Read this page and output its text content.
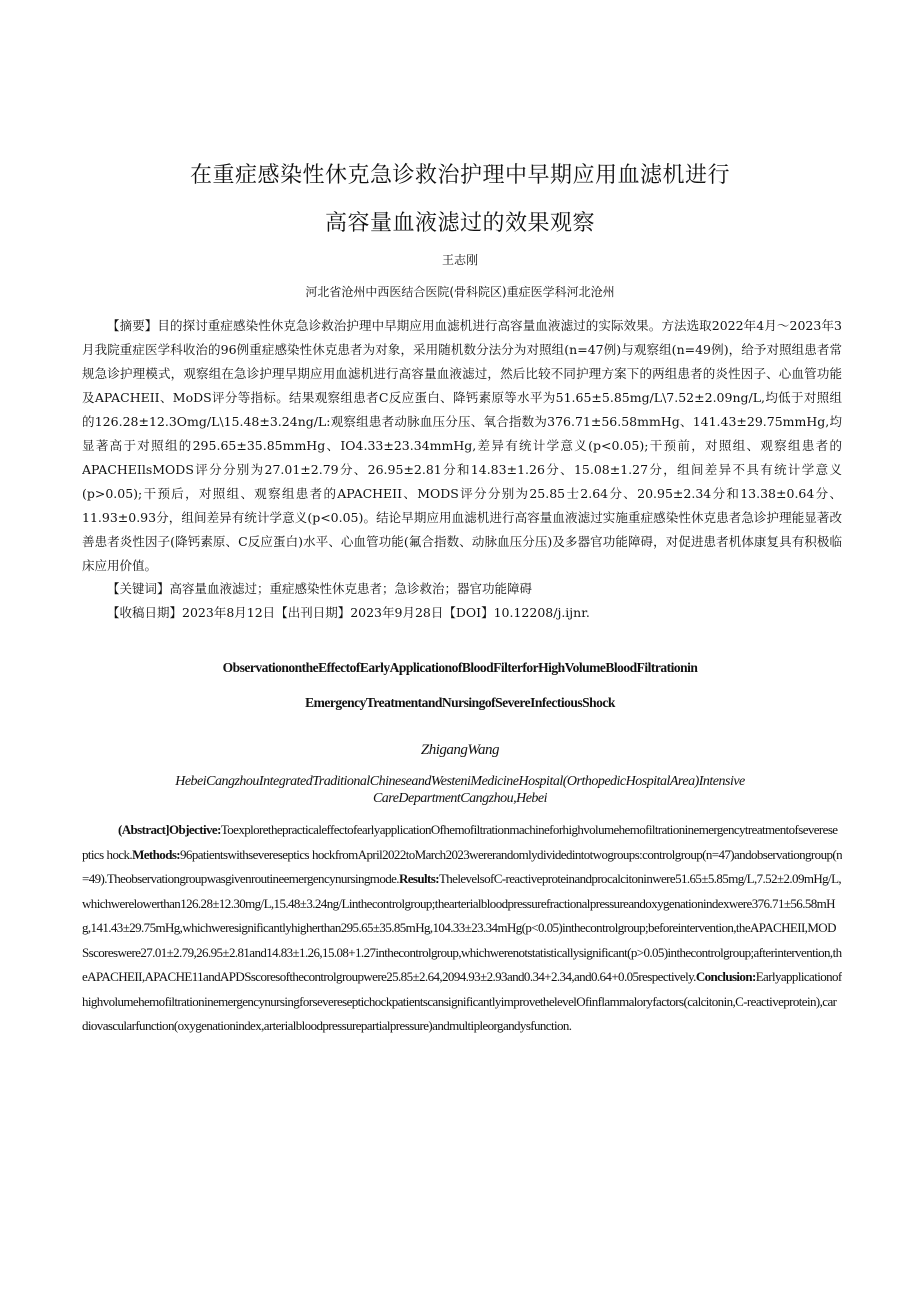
在重症感染性休克急诊救治护理中早期应用血滤机进行
高容量血液滤过的效果观察
王志刚
河北省沧州中西医结合医院(骨科院区)重症医学科河北沧州

【摘要】目的探讨重症感染性休克急诊救治护理中早期应用血滤机进行高容量血液滤过的实际效果。方法选取2022年4月～2023年3月我院重症医学科收治的96例重症感染性休克患者为对象，采用随机数分法分为对照组(n=47例)与观察组(n=49例)，给予对照组患者常规急诊护理模式，观察组在急诊护理早期应用血滤机进行高容量血液滤过，然后比较不同护理方案下的两组患者的炎性因子、心血管功能及APACHEII、MoDS评分等指标。结果观察组患者C反应蛋白、降钙素原等水平为51.65±5.85mg/L\7.52±2.09ng/L,均低于对照组的126.28±12.3Omg/L\15.48±3.24ng/L:观察组患者动脉血压分压、氧合指数为376.71±56.58mmHg、141.43±29.75mmHg,均显著高于对照组的295.65±35.85mmHg、IO4.33±23.34mmHg,差异有统计学意义(p<0.05);干预前，对照组、观察组患者的APACHEIlsMODS评分分别为27.01±2.79分、26.95±2.81分和14.83±1.26分、15.08±1.27分，组间差异不具有统计学意义(p>0.05);干预后，对照组、观察组患者的APACHEII、MODS评分分别为25.85士2.64分、20.95±2.34分和13.38±0.64分、11.93±0.93分，组间差异有统计学意义(p<0.05)。结论早期应用血滤机进行高容量血液滤过实施重症感染性休克患者急诊护理能显著改善患者炎性因子(降钙素原、C反应蛋白)水平、心血管功能(氟合指数、动脉血压分压)及多器官功能障碍，对促进患者机体康复具有积极临床应用价值。

【关键词】高容量血液滤过；重症感染性休克患者；急诊救治；器官功能障碍

【收稿日期】2023年8月12日【出刊日期】2023年9月28日【DOI】10.12208/j.ijnr.

ObservationontheEffectofEarlyApplicationofBloodFilterforHighVolumeBloodFiltrationin
EmergencyTreatmentandNursingofSevereInfectiousShock
ZhigangWang
HebeiCangzhouIntegratedTraditionalChineseandWesteniMedicineHospital(OrthopedicHospitalArea)Intensive CareDepartmentCangzhou,Hebei

(Abstract]Objective:ToexplorethepracticaleffectofearlyapplicationOfhemofiltrationmachineforhighvolumehemofiltrationinemergencytreatmentofsevereseptics hock.Methods:96patientswithsevereseptics hockfromApril2022toMarch2023wererandomlydividedintotwogroups:controlgroup(n=47)andobservationgroup(n=49).Theobservationgroupwasgivenroutineemergencynursingmode.Results:ThelevelsofC-reactiveproteinandprocalcitoninwere51.65±5.85mg/L,7.52±2.09mHg/L,whichwerelowerthan126.28±12.30mg/L,15.48±3.24ng/Linthecontrolgroup;thearterialbloodpressurefractionalpressureandoxygenationindexwere376.71±56.58mHg,141.43±29.75mHg,whichweresignificantlyhigherthan295.65±35.85mHg,104.33±23.34mHg(p<0.05)inthecontrolgroup;beforeintervention,theAPACHEII,MODSscoreswere27.01±2.79,26.95±2.81and14.83±1.26,15.08+1.27inthecontrolgroup,whichwerenotstatisticallysignificant(p>0.05)inthecontrolgroup;afterintervention,theAPACHEII,APACHE11andAPDSscoresofthecontrolgroupwere25.85±2.64,2094.93±2.93and0.34+2.34,and0.64+0.05respectively.Conclusion:EarlyapplicationofhighvolumehemofiltrationinemergencynursingforsevereseptichockpatientscansignificantlyimprovethelevelOfinflammaloryfactors(calcitonin,C-reactiveprotein),cardiovascularfunction(oxygenationindex,arterialbloodpressurepartialpressure)andmultipleorgandysfunction.
